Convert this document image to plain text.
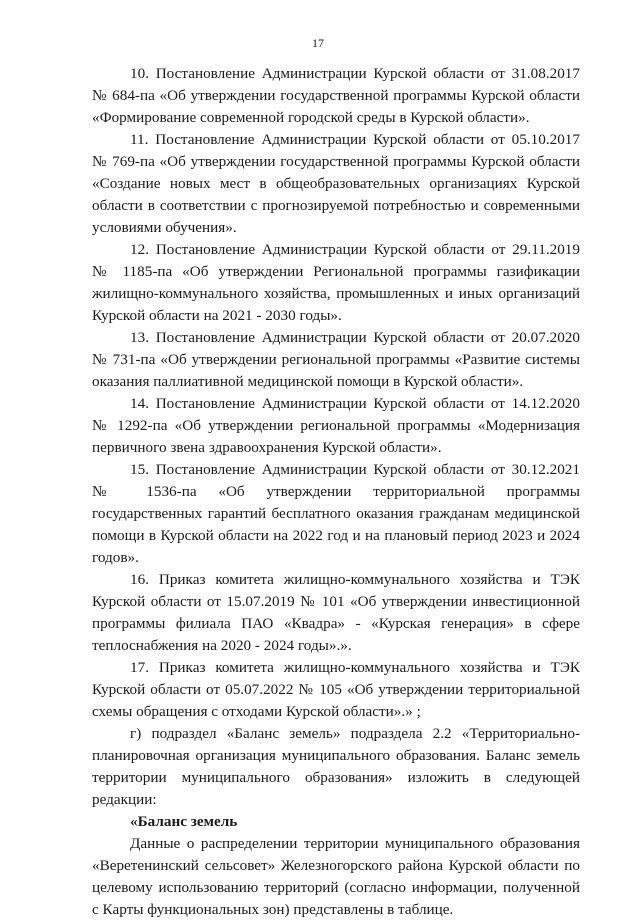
17

10. Постановление Администрации Курской области от 31.08.2017 № 684-па «Об утверждении государственной программы Курской области «Формирование современной городской среды в Курской области».

11. Постановление Администрации Курской области от 05.10.2017 № 769-па «Об утверждении государственной программы Курской области «Создание новых мест в общеобразовательных организациях Курской области в соответствии с прогнозируемой потребностью и современными условиями обучения».

12. Постановление Администрации Курской области от 29.11.2019 № 1185-па «Об утверждении Региональной программы газификации жилищно-коммунального хозяйства, промышленных и иных организаций Курской области на 2021 - 2030 годы».

13. Постановление Администрации Курской области от 20.07.2020 № 731-па «Об утверждении региональной программы «Развитие системы оказания паллиативной медицинской помощи в Курской области».

14. Постановление Администрации Курской области от 14.12.2020 № 1292-па «Об утверждении региональной программы «Модернизация первичного звена здравоохранения Курской области».

15. Постановление Администрации Курской области от 30.12.2021 № 1536-па «Об утверждении территориальной программы государственных гарантий бесплатного оказания гражданам медицинской помощи в Курской области на 2022 год и на плановый период 2023 и 2024 годов».

16. Приказ комитета жилищно-коммунального хозяйства и ТЭК Курской области от 15.07.2019 № 101 «Об утверждении инвестиционной программы филиала ПАО «Квадра» - «Курская генерация» в сфере теплоснабжения на 2020 - 2024 годы».».

17. Приказ комитета жилищно-коммунального хозяйства и ТЭК Курской области от 05.07.2022 № 105 «Об утверждении территориальной схемы обращения с отходами Курской области».» ;

г) подраздел «Баланс земель» подраздела 2.2 «Территориально-планировочная организация муниципального образования. Баланс земель территории муниципального образования» изложить в следующей редакции:

«Баланс земель

Данные о распределении территории муниципального образования «Веретенинский сельсовет» Железногорского района Курской области по целевому использованию территорий (согласно информации, полученной с Карты функциональных зон) представлены в таблице.
